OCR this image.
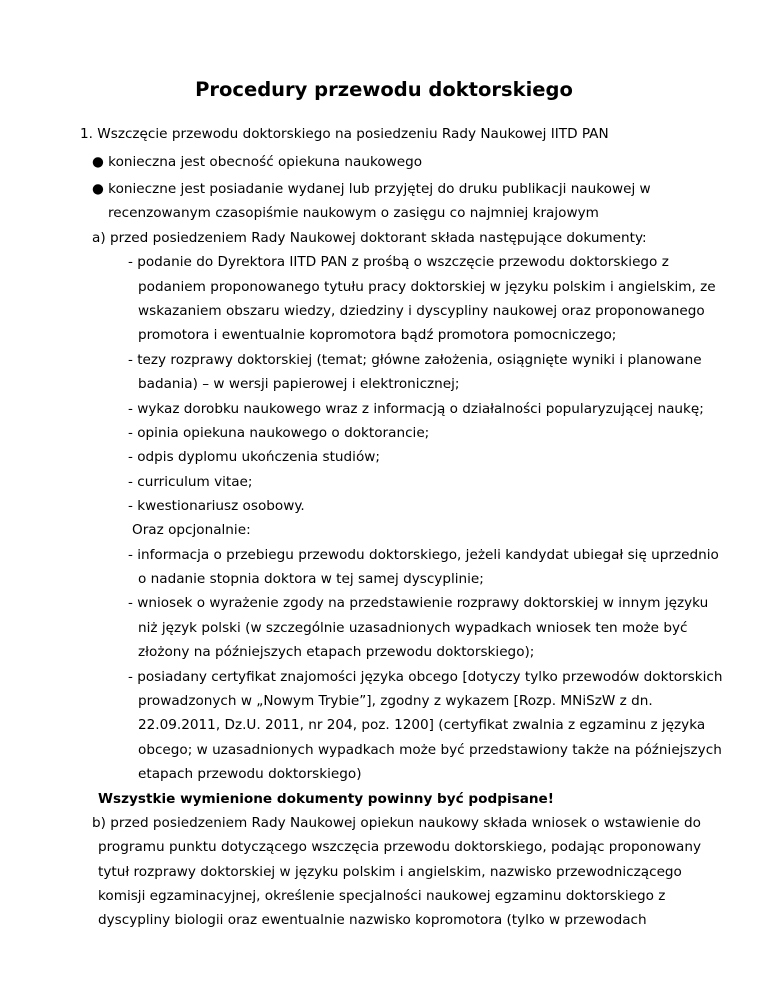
Procedury przewodu doktorskiego
1. Wszczęcie przewodu doktorskiego na posiedzeniu Rady Naukowej IITD PAN
● konieczna jest obecność opiekuna naukowego
● konieczne jest posiadanie wydanej lub przyjętej do druku publikacji naukowej w
recenzowanym czasopiśmie naukowym o zasięgu co najmniej krajowym
a) przed posiedzeniem Rady Naukowej doktorant składa następujące dokumenty:
- podanie do Dyrektora IITD PAN z prośbą o wszczęcie przewodu doktorskiego z
podaniem proponowanego tytułu pracy doktorskiej w języku polskim i angielskim, ze
wskazaniem obszaru wiedzy, dziedziny i dyscypliny naukowej oraz proponowanego
promotora i ewentualnie kopromotora bądź promotora pomocniczego;
- tezy rozprawy doktorskiej (temat; główne założenia, osiągnięte wyniki i planowane
badania) – w wersji papierowej i elektronicznej;
- wykaz dorobku naukowego wraz z informacją o działalności popularyzującej naukę;
- opinia opiekuna naukowego o doktorancie;
- odpis dyplomu ukończenia studiów;
- curriculum vitae;
- kwestionariusz osobowy.
Oraz opcjonalnie:
- informacja o przebiegu przewodu doktorskiego, jeżeli kandydat ubiegał się uprzednio
o nadanie stopnia doktora w tej samej dyscyplinie;
- wniosek o wyrażenie zgody na przedstawienie rozprawy doktorskiej w innym języku
niż język polski (w szczególnie uzasadnionych wypadkach wniosek ten może być
złożony na późniejszych etapach przewodu doktorskiego);
- posiadany certyfikat znajomości języka obcego [dotyczy tylko przewodów doktorskich
prowadzonych w „Nowym Trybie”], zgodny z wykazem [Rozp. MNiSzW z dn.
22.09.2011, Dz.U. 2011, nr 204, poz. 1200] (certyfikat zwalnia z egzaminu z języka
obcego; w uzasadnionych wypadkach może być przedstawiony także na późniejszych
etapach przewodu doktorskiego)
Wszystkie wymienione dokumenty powinny być podpisane!
b) przed posiedzeniem Rady Naukowej opiekun naukowy składa wniosek o wstawienie do
programu punktu dotyczącego wszczęcia przewodu doktorskiego, podając proponowany
tytuł rozprawy doktorskiej w języku polskim i angielskim, nazwisko przewodniczącego
komisji egzaminacyjnej, określenie specjalności naukowej egzaminu doktorskiego z
dyscypliny biologii oraz ewentualnie nazwisko kopromotora (tylko w przewodach
